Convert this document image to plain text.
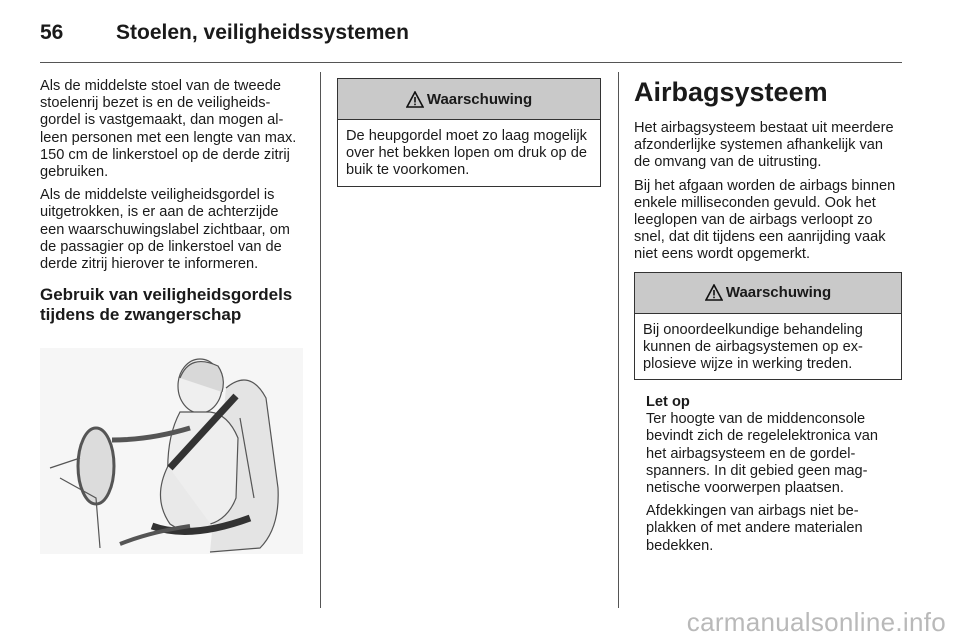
56	Stoelen, veiligheidssystemen

Als de middelste stoel van de tweede stoelenrij bezet is en de veiligheidsgordel is vastgemaakt, dan mogen alleen personen met een lengte van max. 150 cm de linkerstoel op de derde zitrij gebruiken.

Als de middelste veiligheidsgordel is uitgetrokken, is er aan de achterzijde een waarschuwingslabel zichtbaar, om de passagier op de linkerstoel van de derde zitrij hierover te informeren.

Gebruik van veiligheidsgordels tijdens de zwangerschap
Waarschuwing

De heupgordel moet zo laag mogelijk over het bekken lopen om druk op de buik te voorkomen.

Airbagsysteem

Het airbagsysteem bestaat uit meerdere afzonderlijke systemen afhankelijk van de omvang van de uitrusting.

Bij het afgaan worden de airbags binnen enkele milliseconden gevuld. Ook het leeglopen van de airbags verloopt zo snel, dat dit tijdens een aanrijding vaak niet eens wordt opgemerkt.

Waarschuwing

Bij onoordeelkundige behandeling kunnen de airbagsystemen op explosieve wijze in werking treden.

Let op

Ter hoogte van de middenconsole bevindt zich de regelelektronica van het airbagsysteem en de gordelspanners. In dit gebied geen magnetische voorwerpen plaatsen.

Afdekkingen van airbags niet beplakken of met andere materialen bedekken.

carmanualsonline.info
